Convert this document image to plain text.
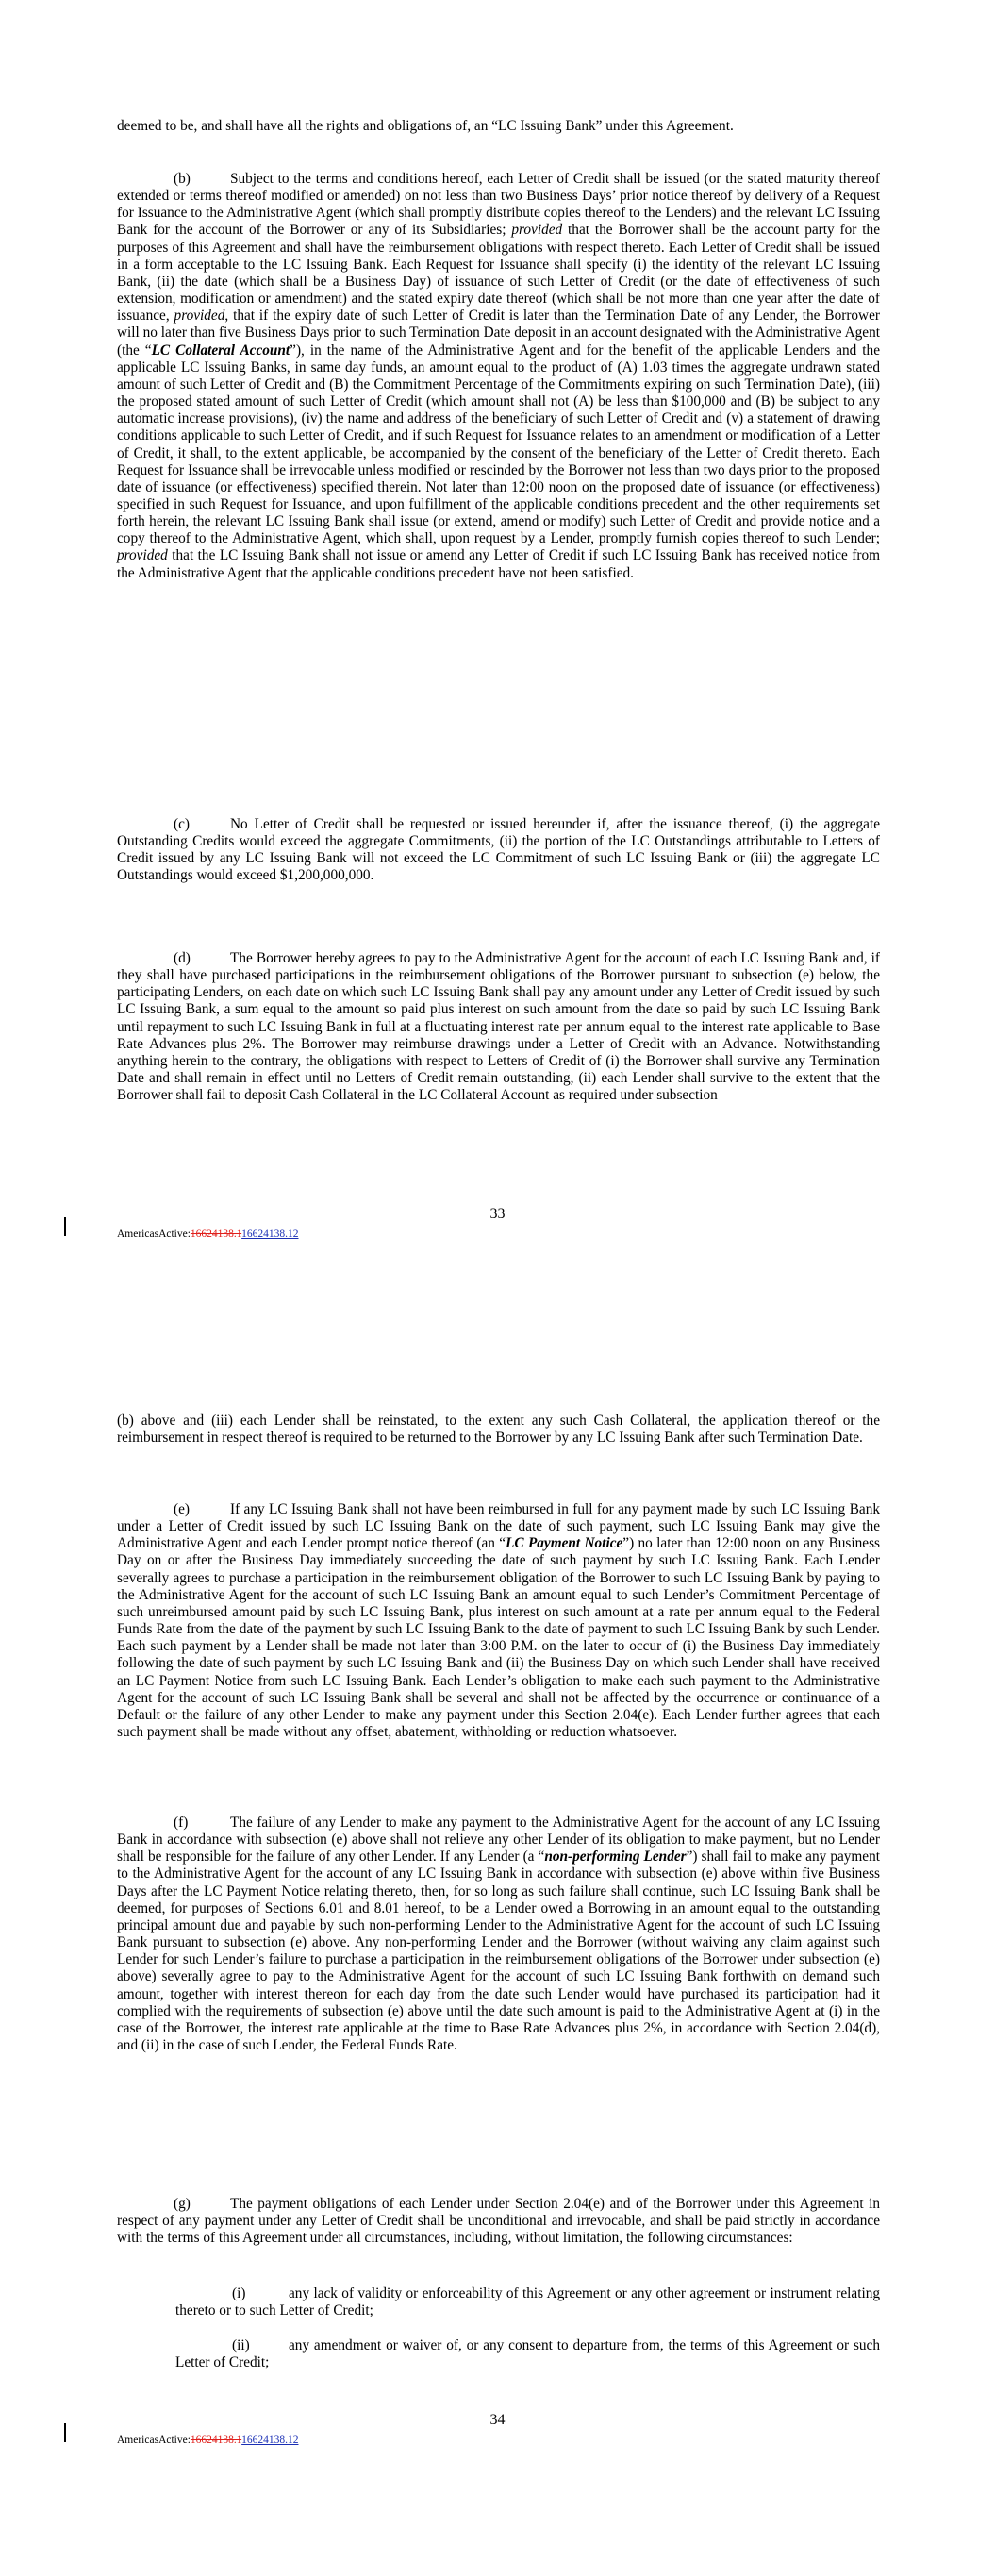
deemed to be, and shall have all the rights and obligations of, an “LC Issuing Bank” under this Agreement.

(b)	Subject to the terms and conditions hereof, each Letter of Credit shall be issued (or the stated maturity thereof extended or terms thereof modified or amended) on not less than two Business Days’ prior notice thereof by delivery of a Request for Issuance to the Administrative Agent (which shall promptly distribute copies thereof to the Lenders) and the relevant LC Issuing Bank for the account of the Borrower or any of its Subsidiaries; provided that the Borrower shall be the account party for the purposes of this Agreement and shall have the reimbursement obligations with respect thereto. Each Letter of Credit shall be issued in a form acceptable to the LC Issuing Bank. Each Request for Issuance shall specify (i) the identity of the relevant LC Issuing Bank, (ii) the date (which shall be a Business Day) of issuance of such Letter of Credit (or the date of effectiveness of such extension, modification or amendment) and the stated expiry date thereof (which shall be not more than one year after the date of issuance, provided, that if the expiry date of such Letter of Credit is later than the Termination Date of any Lender, the Borrower will no later than five Business Days prior to such Termination Date deposit in an account designated with the Administrative Agent (the “LC Collateral Account”), in the name of the Administrative Agent and for the benefit of the applicable Lenders and the applicable LC Issuing Banks, in same day funds, an amount equal to the product of (A) 1.03 times the aggregate undrawn stated amount of such Letter of Credit and (B) the Commitment Percentage of the Commitments expiring on such Termination Date), (iii) the proposed stated amount of such Letter of Credit (which amount shall not (A) be less than $100,000 and (B) be subject to any automatic increase provisions), (iv) the name and address of the beneficiary of such Letter of Credit and (v) a statement of drawing conditions applicable to such Letter of Credit, and if such Request for Issuance relates to an amendment or modification of a Letter of Credit, it shall, to the extent applicable, be accompanied by the consent of the beneficiary of the Letter of Credit thereto. Each Request for Issuance shall be irrevocable unless modified or rescinded by the Borrower not less than two days prior to the proposed date of issuance (or effectiveness) specified therein. Not later than 12:00 noon on the proposed date of issuance (or effectiveness) specified in such Request for Issuance, and upon fulfillment of the applicable conditions precedent and the other requirements set forth herein, the relevant LC Issuing Bank shall issue (or extend, amend or modify) such Letter of Credit and provide notice and a copy thereof to the Administrative Agent, which shall, upon request by a Lender, promptly furnish copies thereof to such Lender; provided that the LC Issuing Bank shall not issue or amend any Letter of Credit if such LC Issuing Bank has received notice from the Administrative Agent that the applicable conditions precedent have not been satisfied.

(c)	No Letter of Credit shall be requested or issued hereunder if, after the issuance thereof, (i) the aggregate Outstanding Credits would exceed the aggregate Commitments, (ii) the portion of the LC Outstandings attributable to Letters of Credit issued by any LC Issuing Bank will not exceed the LC Commitment of such LC Issuing Bank or (iii) the aggregate LC Outstandings would exceed $1,200,000,000.

(d)	The Borrower hereby agrees to pay to the Administrative Agent for the account of each LC Issuing Bank and, if they shall have purchased participations in the reimbursement obligations of the Borrower pursuant to subsection (e) below, the participating Lenders, on each date on which such LC Issuing Bank shall pay any amount under any Letter of Credit issued by such LC Issuing Bank, a sum equal to the amount so paid plus interest on such amount from the date so paid by such LC Issuing Bank until repayment to such LC Issuing Bank in full at a fluctuating interest rate per annum equal to the interest rate applicable to Base Rate Advances plus 2%. The Borrower may reimburse drawings under a Letter of Credit with an Advance. Notwithstanding anything herein to the contrary, the obligations with respect to Letters of Credit of (i) the Borrower shall survive any Termination Date and shall remain in effect until no Letters of Credit remain outstanding, (ii) each Lender shall survive to the extent that the Borrower shall fail to deposit Cash Collateral in the LC Collateral Account as required under subsection

33
AmericasActive:16624138.116624138.12

(b) above and (iii) each Lender shall be reinstated, to the extent any such Cash Collateral, the application thereof or the reimbursement in respect thereof is required to be returned to the Borrower by any LC Issuing Bank after such Termination Date.

(e)	If any LC Issuing Bank shall not have been reimbursed in full for any payment made by such LC Issuing Bank under a Letter of Credit issued by such LC Issuing Bank on the date of such payment, such LC Issuing Bank may give the Administrative Agent and each Lender prompt notice thereof (an “LC Payment Notice”) no later than 12:00 noon on any Business Day on or after the Business Day immediately succeeding the date of such payment by such LC Issuing Bank. Each Lender severally agrees to purchase a participation in the reimbursement obligation of the Borrower to such LC Issuing Bank by paying to the Administrative Agent for the account of such LC Issuing Bank an amount equal to such Lender’s Commitment Percentage of such unreimbursed amount paid by such LC Issuing Bank, plus interest on such amount at a rate per annum equal to the Federal Funds Rate from the date of the payment by such LC Issuing Bank to the date of payment to such LC Issuing Bank by such Lender. Each such payment by a Lender shall be made not later than 3:00 P.M. on the later to occur of (i) the Business Day immediately following the date of such payment by such LC Issuing Bank and (ii) the Business Day on which such Lender shall have received an LC Payment Notice from such LC Issuing Bank. Each Lender’s obligation to make each such payment to the Administrative Agent for the account of such LC Issuing Bank shall be several and shall not be affected by the occurrence or continuance of a Default or the failure of any other Lender to make any payment under this Section 2.04(e). Each Lender further agrees that each such payment shall be made without any offset, abatement, withholding or reduction whatsoever.

(f)	The failure of any Lender to make any payment to the Administrative Agent for the account of any LC Issuing Bank in accordance with subsection (e) above shall not relieve any other Lender of its obligation to make payment, but no Lender shall be responsible for the failure of any other Lender. If any Lender (a “non-performing Lender”) shall fail to make any payment to the Administrative Agent for the account of any LC Issuing Bank in accordance with subsection (e) above within five Business Days after the LC Payment Notice relating thereto, then, for so long as such failure shall continue, such LC Issuing Bank shall be deemed, for purposes of Sections 6.01 and 8.01 hereof, to be a Lender owed a Borrowing in an amount equal to the outstanding principal amount due and payable by such non-performing Lender to the Administrative Agent for the account of such LC Issuing Bank pursuant to subsection (e) above. Any non-performing Lender and the Borrower (without waiving any claim against such Lender for such Lender’s failure to purchase a participation in the reimbursement obligations of the Borrower under subsection (e) above) severally agree to pay to the Administrative Agent for the account of such LC Issuing Bank forthwith on demand such amount, together with interest thereon for each day from the date such Lender would have purchased its participation had it complied with the requirements of subsection (e) above until the date such amount is paid to the Administrative Agent at (i) in the case of the Borrower, the interest rate applicable at the time to Base Rate Advances plus 2%, in accordance with Section 2.04(d), and (ii) in the case of such Lender, the Federal Funds Rate.

(g)	The payment obligations of each Lender under Section 2.04(e) and of the Borrower under this Agreement in respect of any payment under any Letter of Credit shall be unconditional and irrevocable, and shall be paid strictly in accordance with the terms of this Agreement under all circumstances, including, without limitation, the following circumstances:

(i)	any lack of validity or enforceability of this Agreement or any other agreement or instrument relating thereto or to such Letter of Credit;

(ii)	any amendment or waiver of, or any consent to departure from, the terms of this Agreement or such Letter of Credit;

34
AmericasActive:16624138.116624138.12
